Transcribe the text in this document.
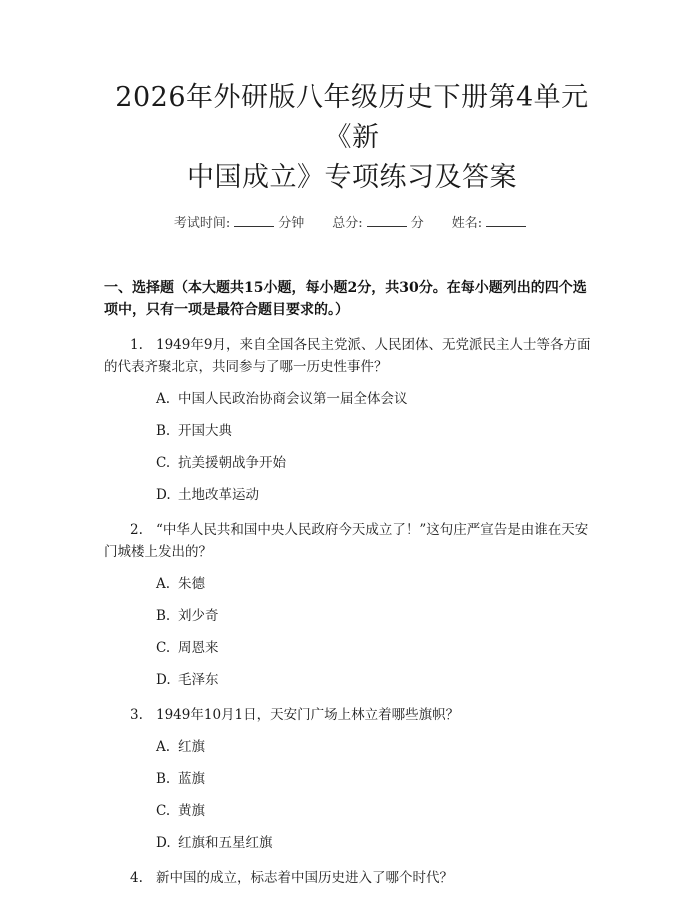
2026年外研版八年级历史下册第4单元《新
中国成立》专项练习及答案
考试时间:	分钟 总分:	分 姓名:
一、选择题（本大题共15小题，每小题2分，共30分。在每小题列出的四个选
项中，只有一项是最符合题目要求的。）
1. 1949年9月，来自全国各民主党派、人民团体、无党派民主人士等各方面的代表齐聚北京，共同参与了哪一历史性事件？
A. 中国人民政治协商会议第一届全体会议
B. 开国大典
C. 抗美援朝战争开始
D. 土地改革运动
2. “中华人民共和国中央人民政府今天成立了！”这句庄严宣告是由谁在天安门城楼上发出的？
A. 朱德
B. 刘少奇
C. 周恩来
D. 毛泽东
3. 1949年10月1日，天安门广场上林立着哪些旗帜？
A. 红旗
B. 蓝旗
C. 黄旗
D. 红旗和五星红旗
4. 新中国的成立，标志着中国历史进入了哪个时代？
